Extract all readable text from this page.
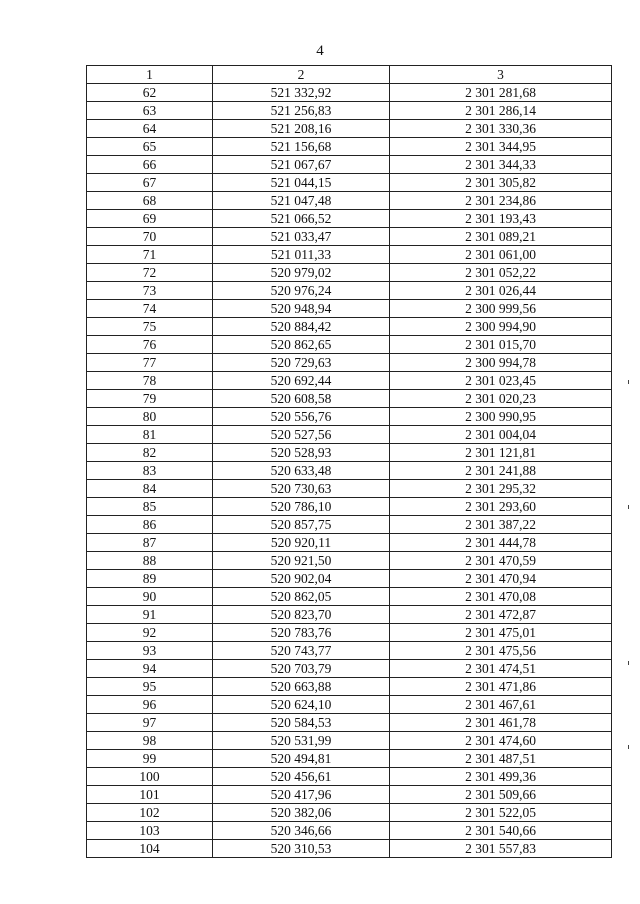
4
1	2	3
62	521 332,92	2 301 281,68
63	521 256,83	2 301 286,14
64	521 208,16	2 301 330,36
65	521 156,68	2 301 344,95
66	521 067,67	2 301 344,33
67	521 044,15	2 301 305,82
68	521 047,48	2 301 234,86
69	521 066,52	2 301 193,43
70	521 033,47	2 301 089,21
71	521 011,33	2 301 061,00
72	520 979,02	2 301 052,22
73	520 976,24	2 301 026,44
74	520 948,94	2 300 999,56
75	520 884,42	2 300 994,90
76	520 862,65	2 301 015,70
77	520 729,63	2 300 994,78
78	520 692,44	2 301 023,45
79	520 608,58	2 301 020,23
80	520 556,76	2 300 990,95
81	520 527,56	2 301 004,04
82	520 528,93	2 301 121,81
83	520 633,48	2 301 241,88
84	520 730,63	2 301 295,32
85	520 786,10	2 301 293,60
86	520 857,75	2 301 387,22
87	520 920,11	2 301 444,78
88	520 921,50	2 301 470,59
89	520 902,04	2 301 470,94
90	520 862,05	2 301 470,08
91	520 823,70	2 301 472,87
92	520 783,76	2 301 475,01
93	520 743,77	2 301 475,56
94	520 703,79	2 301 474,51
95	520 663,88	2 301 471,86
96	520 624,10	2 301 467,61
97	520 584,53	2 301 461,78
98	520 531,99	2 301 474,60
99	520 494,81	2 301 487,51
100	520 456,61	2 301 499,36
101	520 417,96	2 301 509,66
102	520 382,06	2 301 522,05
103	520 346,66	2 301 540,66
104	520 310,53	2 301 557,83
